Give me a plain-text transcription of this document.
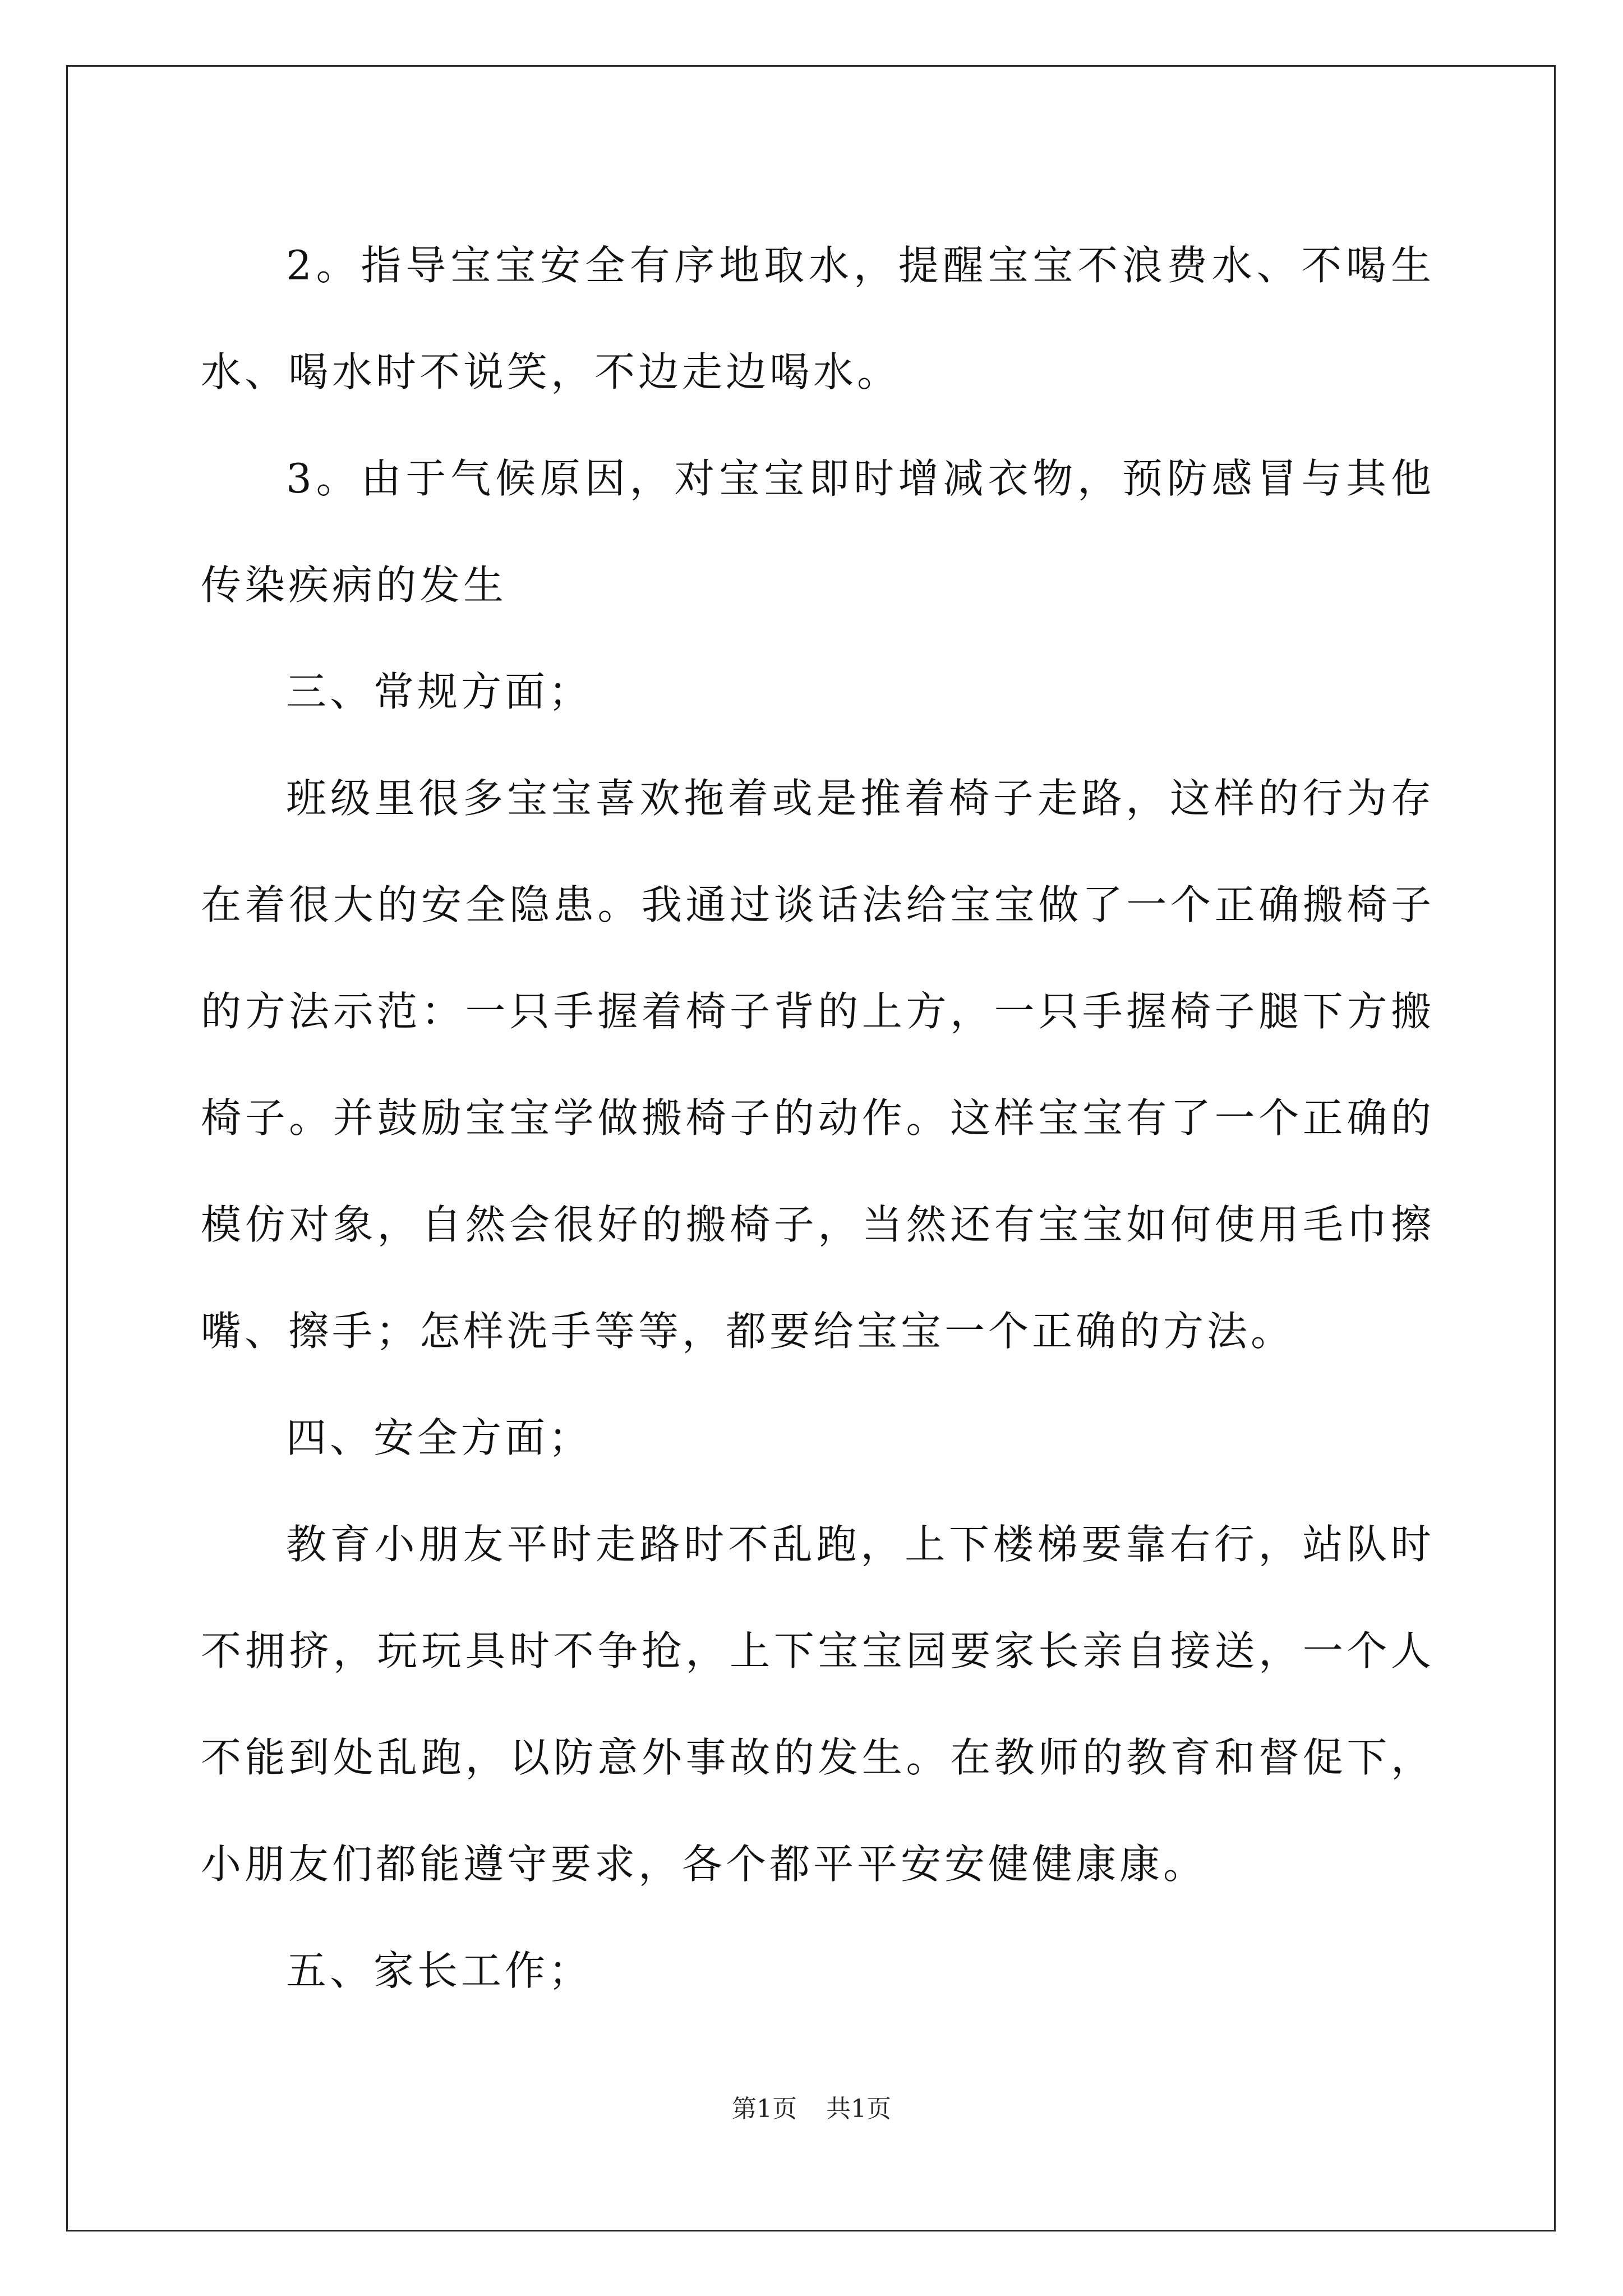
2。指导宝宝安全有序地取水，提醒宝宝不浪费水、不喝生水、喝水时不说笑，不边走边喝水。

3。由于气候原因，对宝宝即时增减衣物，预防感冒与其他传染疾病的发生

三、常规方面；

班级里很多宝宝喜欢拖着或是推着椅子走路，这样的行为存在着很大的安全隐患。我通过谈话法给宝宝做了一个正确搬椅子的方法示范：一只手握着椅子背的上方，一只手握椅子腿下方搬椅子。并鼓励宝宝学做搬椅子的动作。这样宝宝有了一个正确的模仿对象，自然会很好的搬椅子，当然还有宝宝如何使用毛巾擦嘴、擦手；怎样洗手等等，都要给宝宝一个正确的方法。

四、安全方面；

教育小朋友平时走路时不乱跑，上下楼梯要靠右行，站队时不拥挤，玩玩具时不争抢，上下宝宝园要家长亲自接送，一个人不能到处乱跑，以防意外事故的发生。在教师的教育和督促下，小朋友们都能遵守要求，各个都平平安安健健康康。

五、家长工作；

第1页 共1页
